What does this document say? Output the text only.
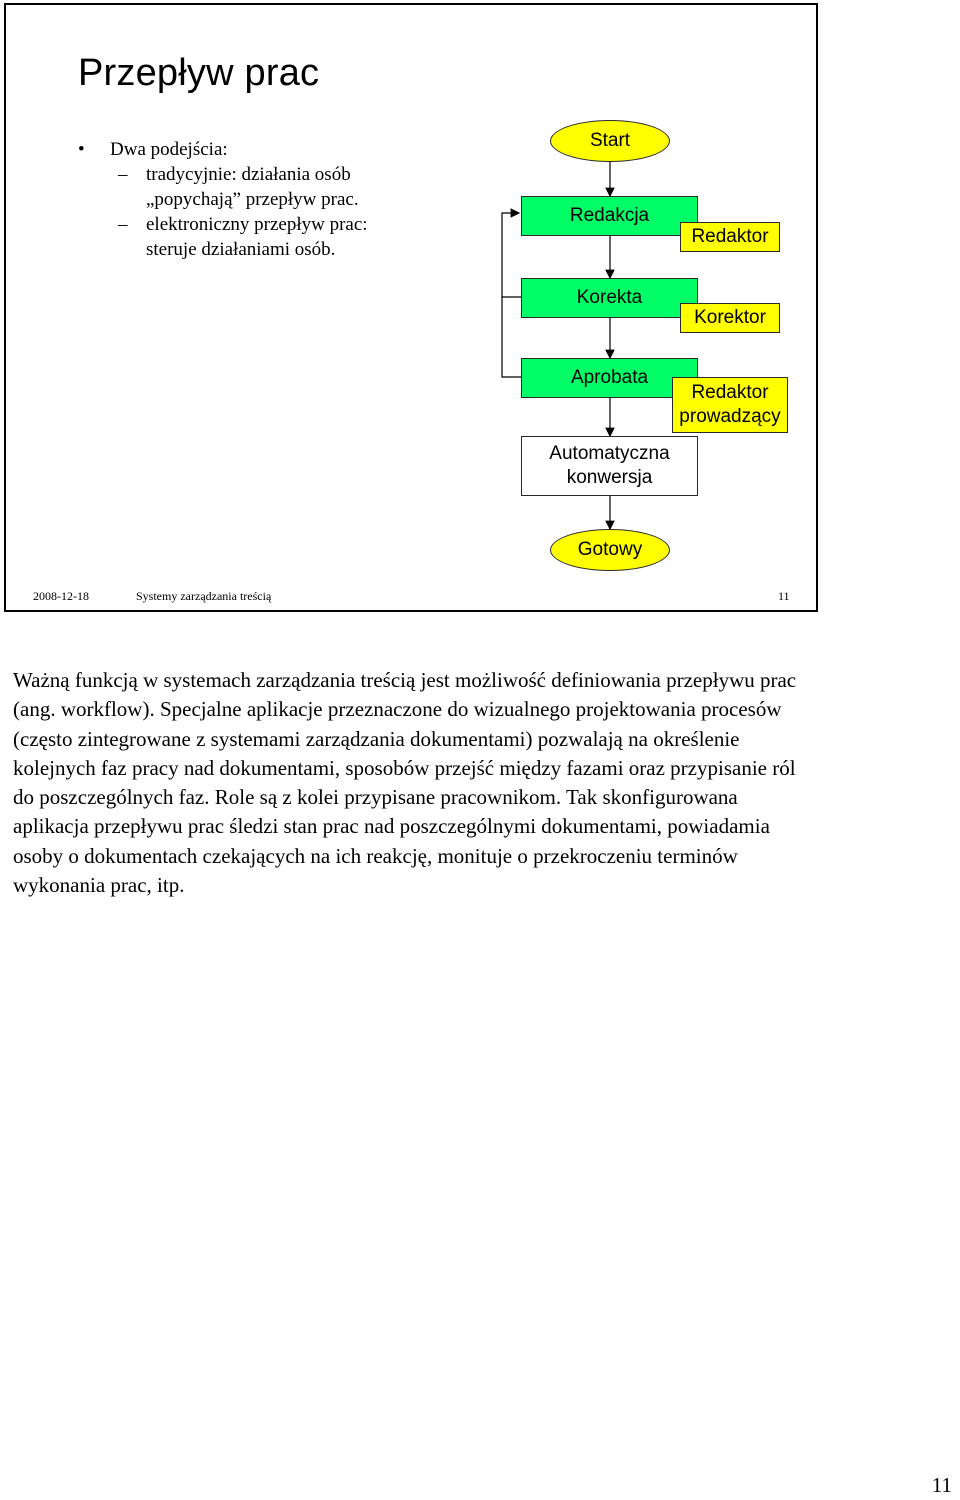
Przepływ prac
• Dwa podejścia:
– tradycyjnie: działania osób „popychają” przepływ prac.
– elektroniczny przepływ prac: steruje działaniami osób.
Start
Redakcja
Redaktor
Korekta
Korektor
Aprobata
Redaktor prowadzący
Automatyczna konwersja
Gotowy
2008-12-18	Systemy zarządzania treścią	11
Ważną funkcją w systemach zarządzania treścią jest możliwość definiowania przepływu prac (ang. workflow). Specjalne aplikacje przeznaczone do wizualnego projektowania procesów (często zintegrowane z systemami zarządzania dokumentami) pozwalają na określenie kolejnych faz pracy nad dokumentami, sposobów przejść między fazami oraz przypisanie ról do poszczególnych faz. Role są z kolei przypisane pracownikom. Tak skonfigurowana aplikacja przepływu prac śledzi stan prac nad poszczególnymi dokumentami, powiadamia osoby o dokumentach czekających na ich reakcję, monituje o przekroczeniu terminów wykonania prac, itp.
11
